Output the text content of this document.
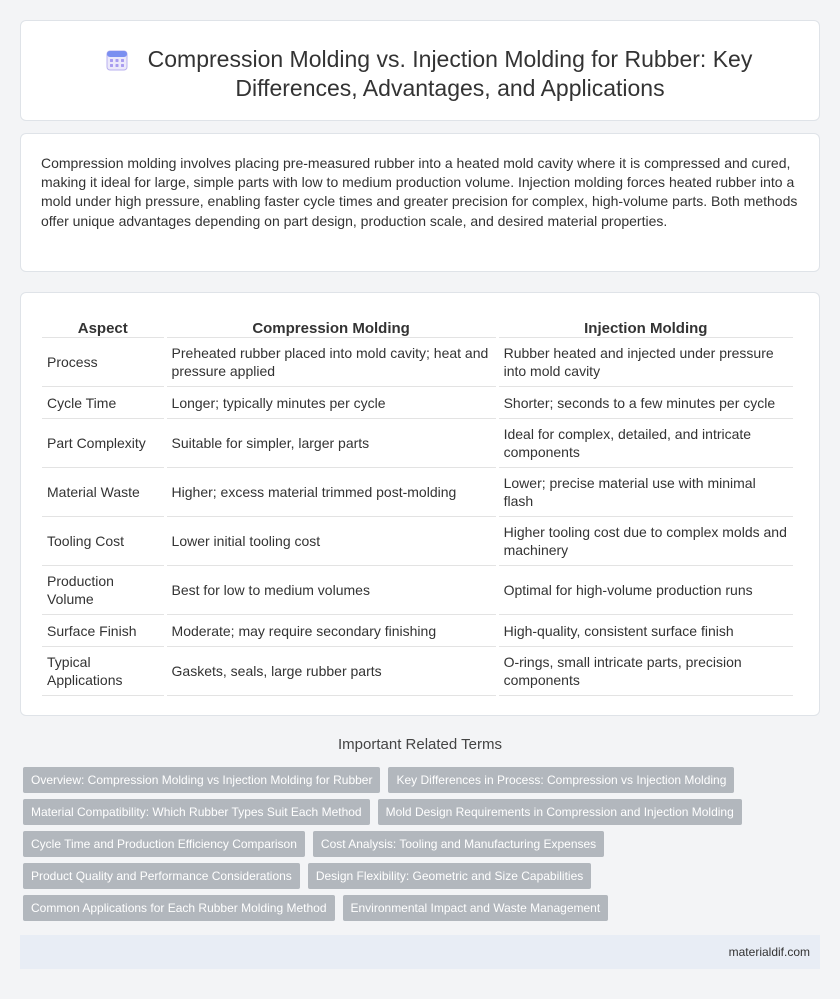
Compression Molding vs. Injection Molding for Rubber: Key Differences, Advantages, and Applications

Compression molding involves placing pre-measured rubber into a heated mold cavity where it is compressed and cured, making it ideal for large, simple parts with low to medium production volume. Injection molding forces heated rubber into a mold under high pressure, enabling faster cycle times and greater precision for complex, high-volume parts. Both methods offer unique advantages depending on part design, production scale, and desired material properties.

Aspect	Compression Molding	Injection Molding
Process	Preheated rubber placed into mold cavity; heat and pressure applied	Rubber heated and injected under pressure into mold cavity
Cycle Time	Longer; typically minutes per cycle	Shorter; seconds to a few minutes per cycle
Part Complexity	Suitable for simpler, larger parts	Ideal for complex, detailed, and intricate components
Material Waste	Higher; excess material trimmed post-molding	Lower; precise material use with minimal flash
Tooling Cost	Lower initial tooling cost	Higher tooling cost due to complex molds and machinery
Production Volume	Best for low to medium volumes	Optimal for high-volume production runs
Surface Finish	Moderate; may require secondary finishing	High-quality, consistent surface finish
Typical Applications	Gaskets, seals, large rubber parts	O-rings, small intricate parts, precision components
Important Related Terms
Overview: Compression Molding vs Injection Molding for Rubber	Key Differences in Process: Compression vs Injection Molding
Material Compatibility: Which Rubber Types Suit Each Method	Mold Design Requirements in Compression and Injection Molding
Cycle Time and Production Efficiency Comparison	Cost Analysis: Tooling and Manufacturing Expenses
Product Quality and Performance Considerations	Design Flexibility: Geometric and Size Capabilities
Common Applications for Each Rubber Molding Method	Environmental Impact and Waste Management
materialdif.com
